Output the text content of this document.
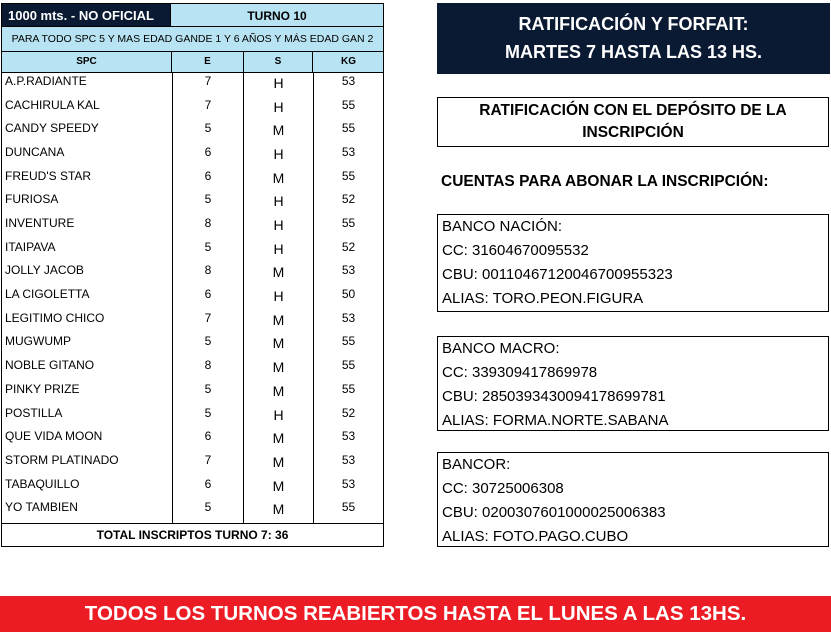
1000 mts. - NO OFICIAL	TURNO 10
PARA TODO SPC 5 Y MAS EDAD GANDE 1 Y 6 AÑOS Y MÁS EDAD GAN 2
SPC	E	S	KG
A.P.RADIANTE	7	H	53
CACHIRULA KAL	7	H	55
CANDY SPEEDY	5	M	55
DUNCANA	6	H	53
FREUD'S STAR	6	M	55
FURIOSA	5	H	52
INVENTURE	8	H	55
ITAIPAVA	5	H	52
JOLLY JACOB	8	M	53
LA CIGOLETTA	6	H	50
LEGITIMO CHICO	7	M	53
MUGWUMP	5	M	55
NOBLE GITANO	8	M	55
PINKY PRIZE	5	M	55
POSTILLA	5	H	52
QUE VIDA MOON	6	M	53
STORM PLATINADO	7	M	53
TABAQUILLO	6	M	53
YO TAMBIEN	5	M	55
TOTAL INSCRIPTOS TURNO 7: 36
RATIFICACIÓN Y FORFAIT:
MARTES 7 HASTA LAS 13 HS.
RATIFICACIÓN CON EL DEPÓSITO DE LA
INSCRIPCIÓN
CUENTAS PARA ABONAR LA INSCRIPCIÓN:
BANCO NACIÓN:
CC: 31604670095532
CBU: 0011046712004670095532​3
ALIAS: TORO.PEON.FIGURA
BANCO MACRO:
CC: 339309417869978
CBU: 2850393430094178699781
ALIAS: FORMA.NORTE.SABANA
BANCOR:
CC: 30725006308
CBU: 0200307601000025006383
ALIAS: FOTO.PAGO.CUBO
TODOS LOS TURNOS REABIERTOS HASTA EL LUNES A LAS 13HS.
